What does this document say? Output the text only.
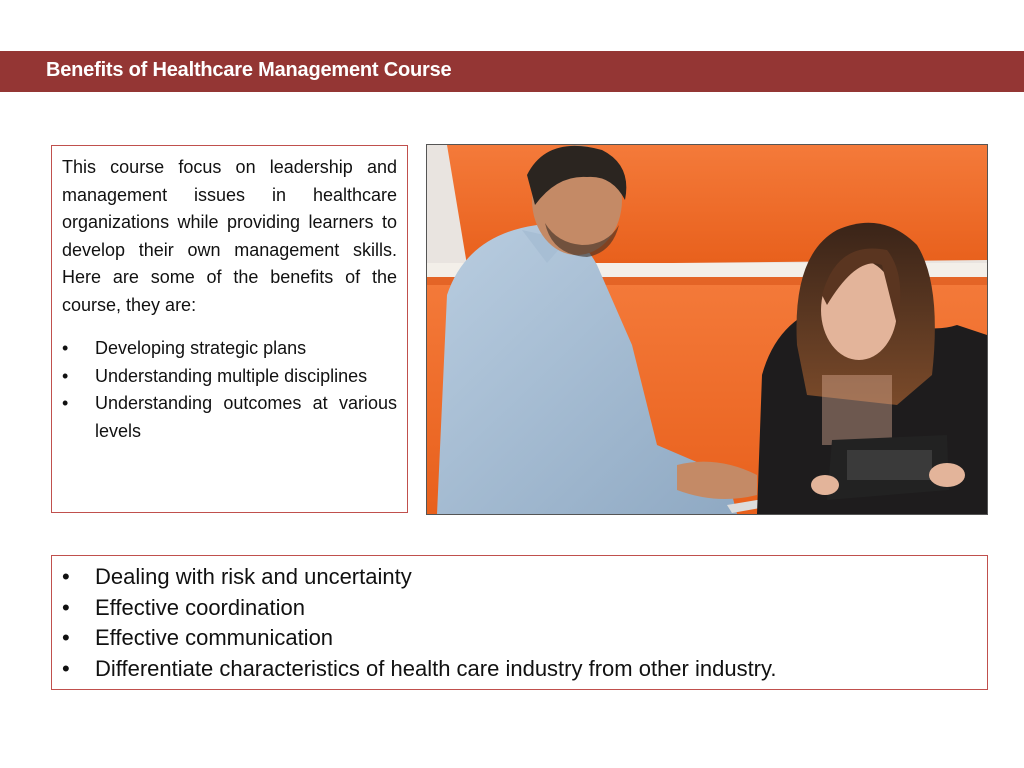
Benefits of Healthcare Management Course

This course focus on leadership and management issues in healthcare organizations while providing learners to develop their own management skills. Here are some of the benefits of the course, they are:

• Developing strategic plans
• Understanding multiple disciplines
• Understanding outcomes at various levels
• Dealing with risk and uncertainty
• Effective coordination
• Effective communication
• Differentiate characteristics of health care industry from other industry.
